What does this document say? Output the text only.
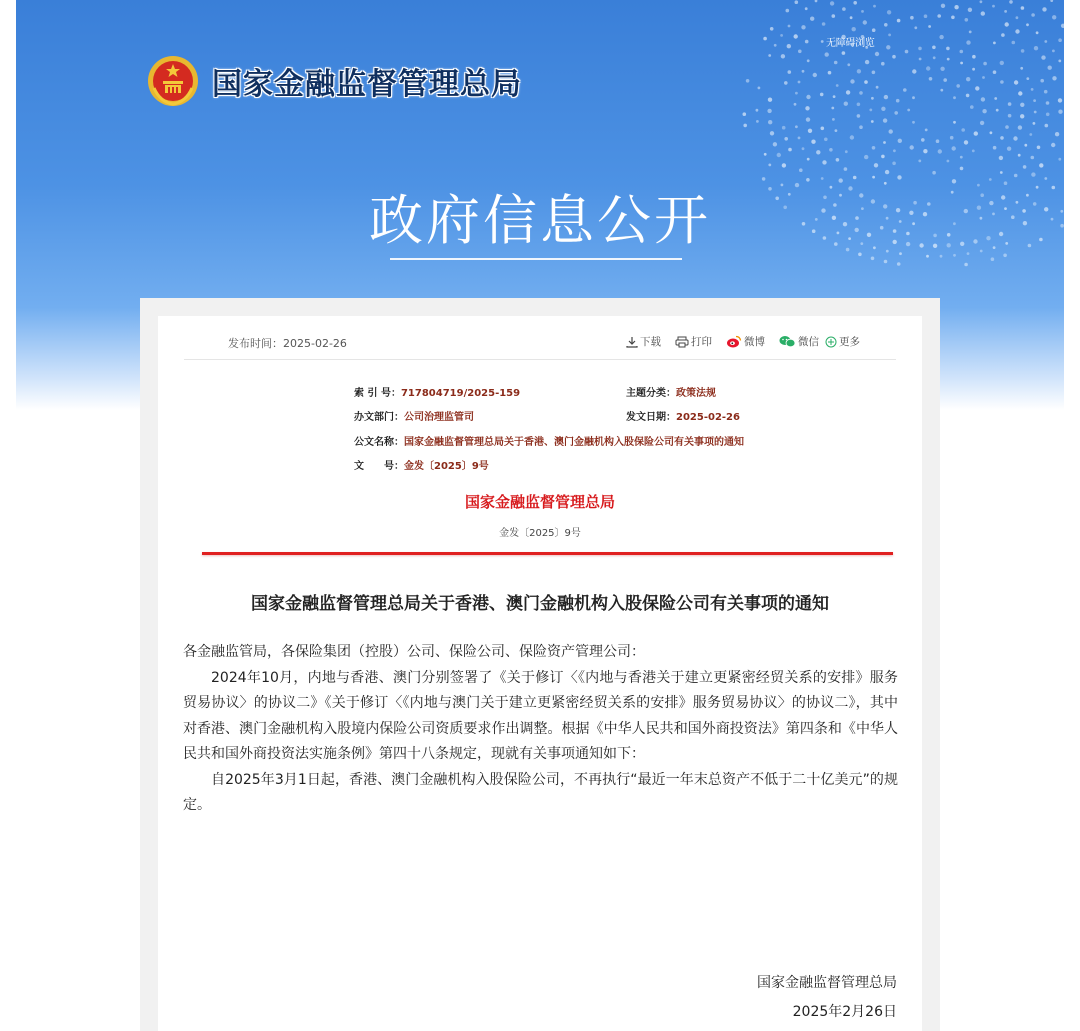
无障碍浏览
国家金融监督管理总局
政府信息公开
发布时间：2025-02-26	下载	打印	微博	微信 更多
索 引 号：717804719/2025-159	主题分类：政策法规
办文部门：公司治理监管司	发文日期：2025-02-26
公文名称：国家金融监督管理总局关于香港、澳门金融机构入股保险公司有关事项的通知
文　　号：金发〔2025〕9号
国家金融监督管理总局
金发〔2025〕9号
国家金融监督管理总局关于香港、澳门金融机构入股保险公司有关事项的通知

各金融监管局，各保险集团（控股）公司、保险公司、保险资产管理公司：

2024年10月，内地与香港、澳门分别签署了《关于修订〈《内地与香港关于建立更紧密经贸关系的安排》服务贸易协议〉的协议二》《关于修订〈《内地与澳门关于建立更紧密经贸关系的安排》服务贸易协议〉的协议二》，其中对香港、澳门金融机构入股境内保险公司资质要求作出调整。根据《中华人民共和国外商投资法》第四条和《中华人民共和国外商投资法实施条例》第四十八条规定，现就有关事项通知如下：

自2025年3月1日起，香港、澳门金融机构入股保险公司，不再执行“最近一年末总资产不低于二十亿美元”的规定。

国家金融监督管理总局
2025年2月26日
